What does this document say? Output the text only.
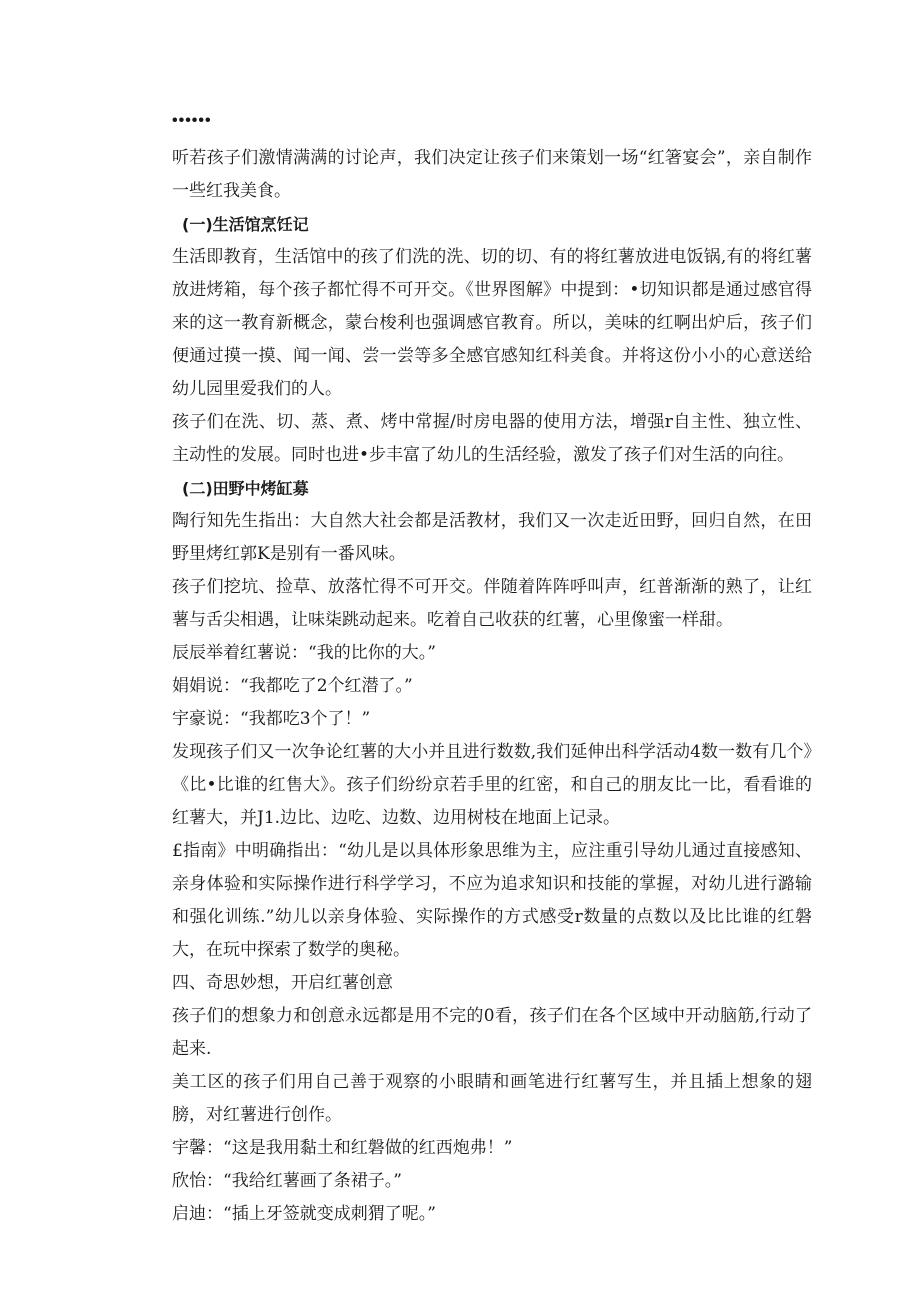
••••••

听若孩子们激情满满的讨论声，我们决定让孩子们来策划一场“红箸宴会”，亲自制作一些红我美食。

(一)生活馆烹饪记

生活即教育，生活馆中的孩了们洗的洗、切的切、有的将红薯放进电饭锅,有的将红薯放进烤箱，每个孩子都忙得不可开交。《世界图解》中提到：•切知识都是通过感官得来的这一教育新概念，蒙台梭利也强调感官教育。所以，美味的红啊出炉后，孩子们便通过摸一摸、闻一闻、尝一尝等多全感官感知红科美食。并将这份小小的心意送给幼儿园里爱我们的人。

孩子们在洗、切、蒸、煮、烤中常握/时房电器的使用方法，增强r自主性、独立性、主动性的发展。同时也进•步丰富了幼儿的生活经验，激发了孩子们对生活的向往。

(二)田野中烤缸募

陶行知先生指出：大自然大社会都是活教材，我们又一次走近田野，回归自然，在田野里烤红郭K是别有一番风味。

孩子们挖坑、捡草、放落忙得不可开交。伴随着阵阵呼叫声，红普渐渐的熟了，让红薯与舌尖相遇，让味柒跳动起来。吃着自己收获的红薯，心里像蜜一样甜。

辰辰举着红薯说：“我的比你的大。”

娟娟说：“我都吃了2个红潜了。”

宇豪说：“我都吃3个了！”

发现孩子们又一次争论红薯的大小并且进行数数,我们延伸出科学活动4数一数有几个》《比•比谁的红售大》。孩子们纷纷京若手里的红密，和自己的朋友比一比，看看谁的红薯大，并J1.边比、边吃、边数、边用树枝在地面上记录。

£指南》中明确指出：“幼儿是以具体形象思维为主，应注重引导幼儿通过直接感知、亲身体验和实际操作进行科学学习，不应为追求知识和技能的掌握，对幼儿进行潞输和强化训练.”幼儿以亲身体验、实际操作的方式感受r数量的点数以及比比谁的红磐大，在玩中探索了数学的奥秘。

四、奇思妙想，开启红薯创意

孩子们的想象力和创意永远都是用不完的0看，孩子们在各个区域中开动脑筋,行动了起来.

美工区的孩子们用自己善于观察的小眼睛和画笔进行红薯写生，并且插上想象的翅膀，对红薯进行创作。

宇馨：“这是我用黏土和红磐做的红西炮弗！”

欣怡：“我给红薯画了条裙子。”

启迪：“插上牙签就变成刺猬了呢。”
